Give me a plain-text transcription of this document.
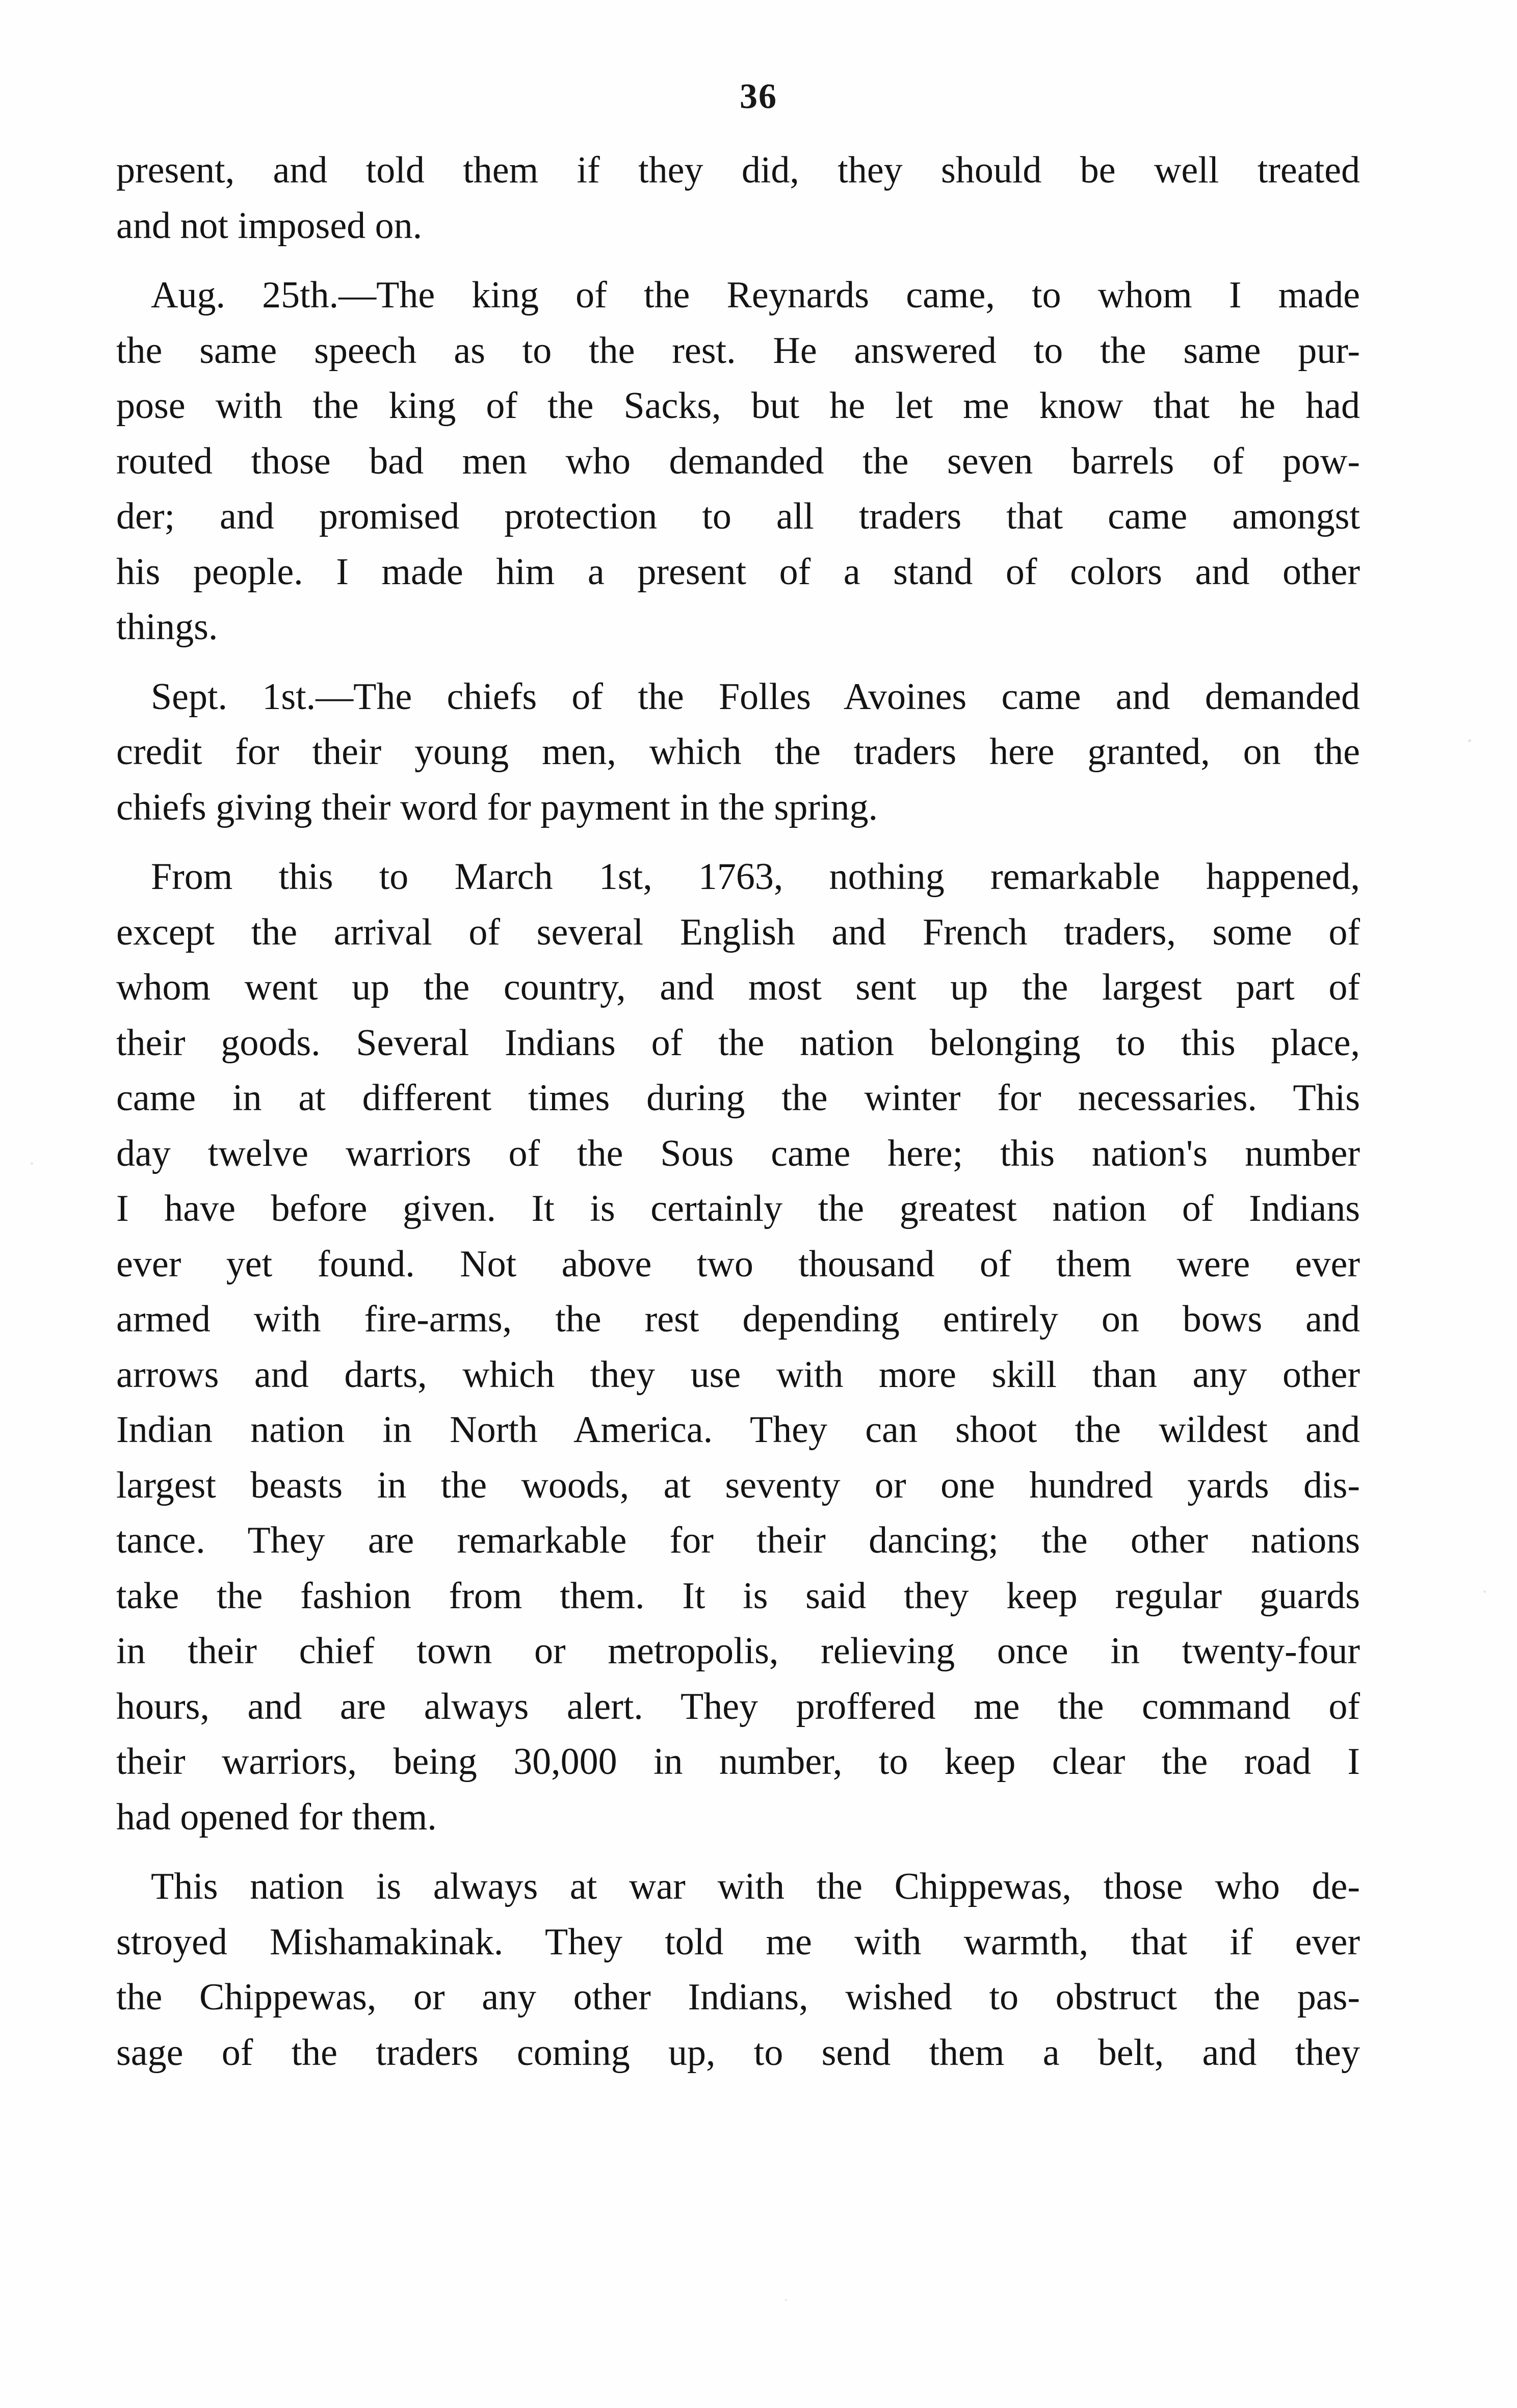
36
present, and told them if they did, they should be well treated
and not imposed on.
Aug. 25th.—The king of the Reynards came, to whom I made
the same speech as to the rest. He answered to the same pur-
pose with the king of the Sacks, but he let me know that he had
routed those bad men who demanded the seven barrels of pow-
der; and promised protection to all traders that came amongst
his people. I made him a present of a stand of colors and other
things.
Sept. 1st.—The chiefs of the Folles Avoines came and demanded
credit for their young men, which the traders here granted, on the
chiefs giving their word for payment in the spring.
From this to March 1st, 1763, nothing remarkable happened,
except the arrival of several English and French traders, some of
whom went up the country, and most sent up the largest part of
their goods. Several Indians of the nation belonging to this place,
came in at different times during the winter for necessaries. This
day twelve warriors of the Sous came here; this nation's number
I have before given. It is certainly the greatest nation of Indians
ever yet found. Not above two thousand of them were ever
armed with fire-arms, the rest depending entirely on bows and
arrows and darts, which they use with more skill than any other
Indian nation in North America. They can shoot the wildest and
largest beasts in the woods, at seventy or one hundred yards dis-
tance. They are remarkable for their dancing; the other nations
take the fashion from them. It is said they keep regular guards
in their chief town or metropolis, relieving once in twenty-four
hours, and are always alert. They proffered me the command of
their warriors, being 30,000 in number, to keep clear the road I
had opened for them.
This nation is always at war with the Chippewas, those who de-
stroyed Mishamakinak. They told me with warmth, that if ever
the Chippewas, or any other Indians, wished to obstruct the pas-
sage of the traders coming up, to send them a belt, and they
